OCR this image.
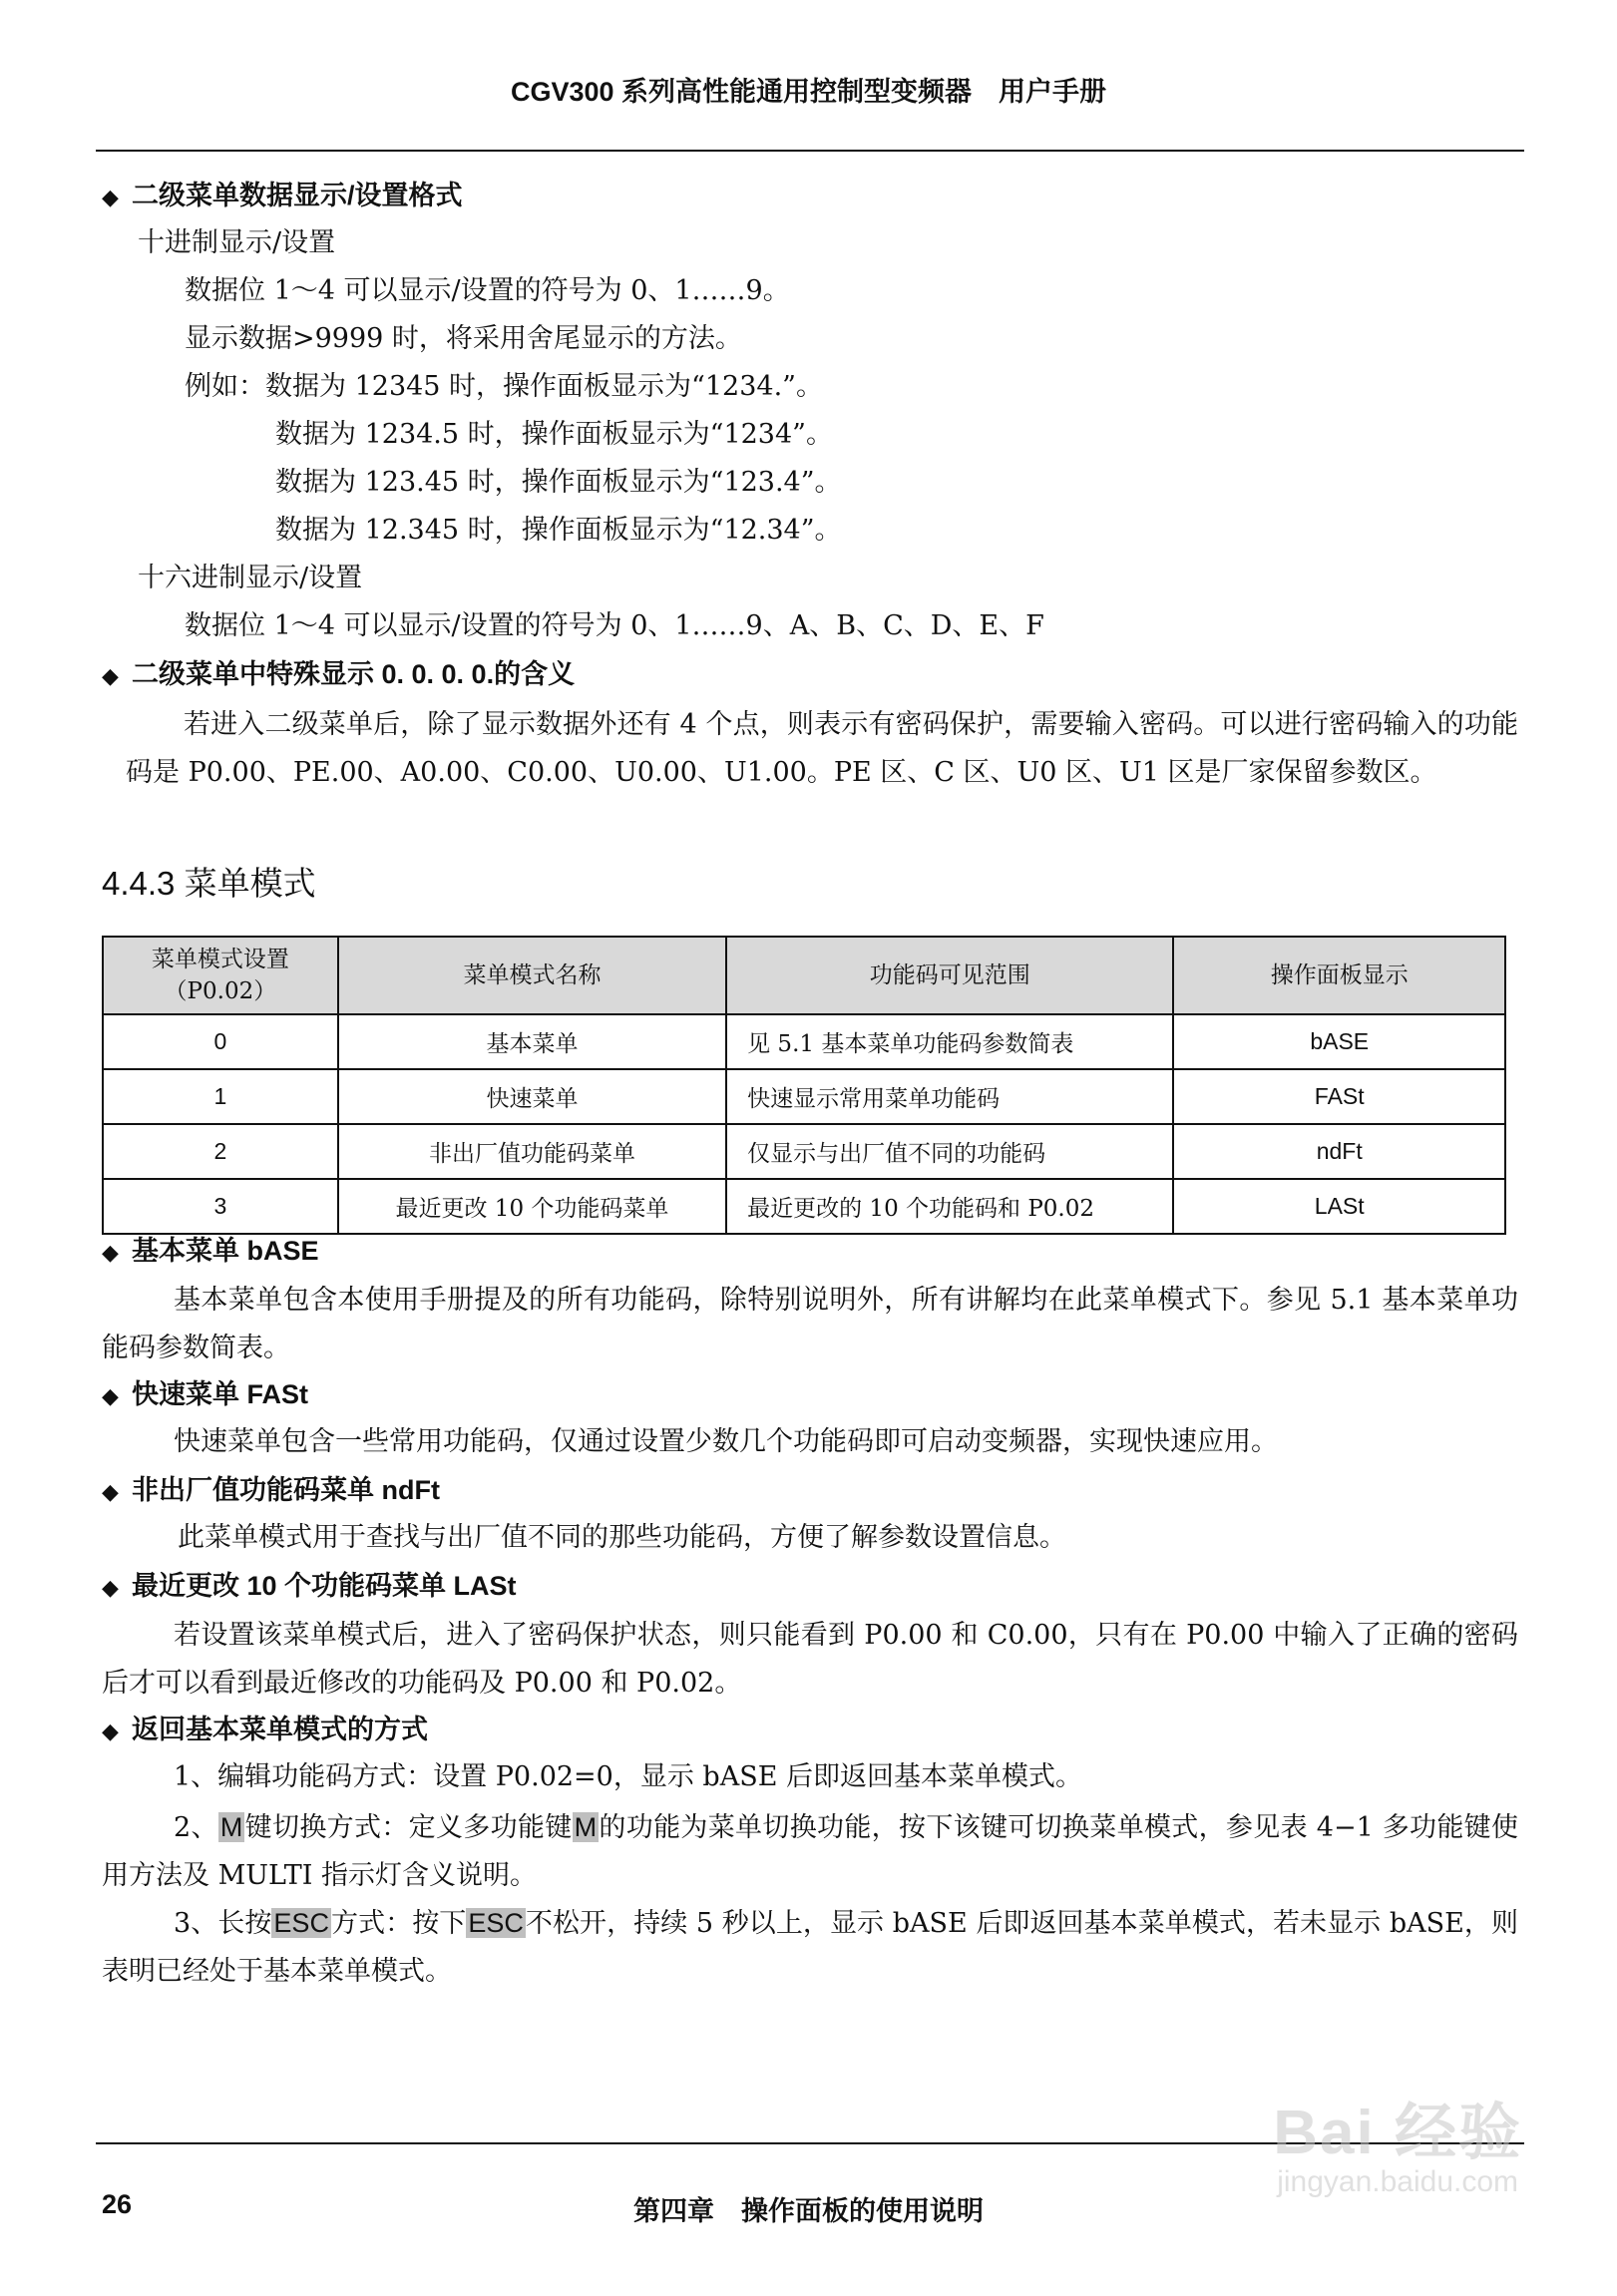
CGV300 系列高性能通用控制型变频器　用户手册
◆ 二级菜单数据显示/设置格式
十进制显示/设置
数据位 1～4 可以显示/设置的符号为 0、1……9。
显示数据>9999 时，将采用舍尾显示的方法。
例如：数据为 12345 时，操作面板显示为“1234.”。
数据为 1234.5 时，操作面板显示为“1234”。
数据为 123.45 时，操作面板显示为“123.4”。
数据为 12.345 时，操作面板显示为“12.34”。
十六进制显示/设置
数据位 1～4 可以显示/设置的符号为 0、1……9、A、B、C、D、E、F
◆ 二级菜单中特殊显示 0. 0. 0. 0.的含义
若进入二级菜单后，除了显示数据外还有 4 个点，则表示有密码保护，需要输入密码。可以进行密码输入的功能码是 P0.00、PE.00、A0.00、C0.00、U0.00、U1.00。PE 区、C 区、U0 区、U1 区是厂家保留参数区。
4.4.3 菜单模式
菜单模式设置
（P0.02）	菜单模式名称	功能码可见范围	操作面板显示
0	基本菜单	见 5.1 基本菜单功能码参数简表	bASE
1	快速菜单	快速显示常用菜单功能码	FASt
2	非出厂值功能码菜单	仅显示与出厂值不同的功能码	ndFt
3	最近更改 10 个功能码菜单	最近更改的 10 个功能码和 P0.02	LASt
◆ 基本菜单 bASE
基本菜单包含本使用手册提及的所有功能码，除特别说明外，所有讲解均在此菜单模式下。参见 5.1 基本菜单功能码参数简表。
◆ 快速菜单 FASt
快速菜单包含一些常用功能码，仅通过设置少数几个功能码即可启动变频器，实现快速应用。
◆ 非出厂值功能码菜单 ndFt
此菜单模式用于查找与出厂值不同的那些功能码，方便了解参数设置信息。
◆ 最近更改 10 个功能码菜单 LASt
若设置该菜单模式后，进入了密码保护状态，则只能看到 P0.00 和 C0.00，只有在 P0.00 中输入了正确的密码后才可以看到最近修改的功能码及 P0.00 和 P0.02。
◆ 返回基本菜单模式的方式
1、编辑功能码方式：设置 P0.02=0，显示 bASE 后即返回基本菜单模式。
2、M键切换方式：定义多功能键M的功能为菜单切换功能，按下该键可切换菜单模式，参见表 4−1 多功能键使用方法及 MULTI 指示灯含义说明。
3、长按ESC方式：按下ESC不松开，持续 5 秒以上，显示 bASE 后即返回基本菜单模式，若未显示 bASE，则表明已经处于基本菜单模式。
26	第四章　操作面板的使用说明
Bai 经验
jingyan.baidu.com
